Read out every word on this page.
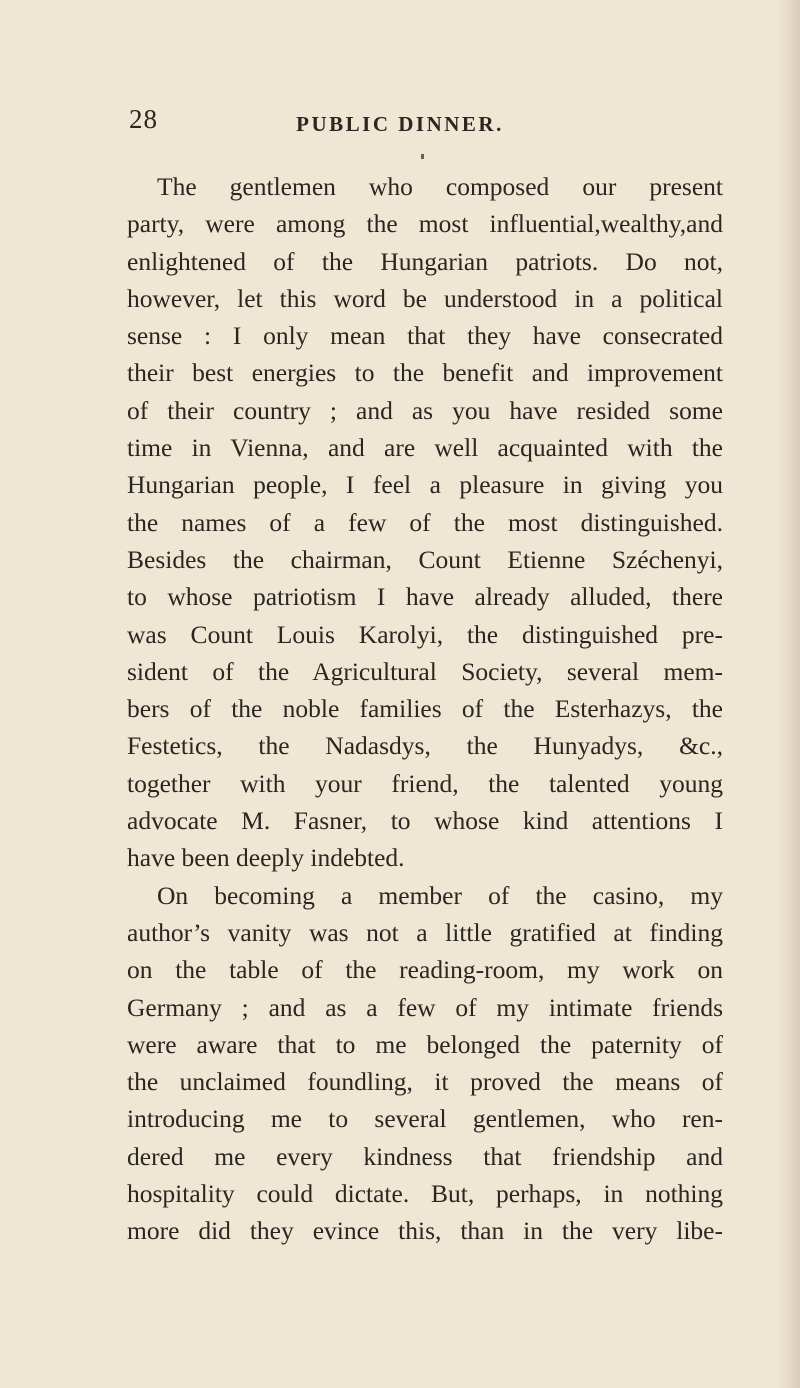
28	PUBLIC DINNER.

The gentlemen who composed our present
party, were among the most influential,wealthy,and
enlightened of the Hungarian patriots. Do not,
however, let this word be understood in a political
sense : I only mean that they have consecrated
their best energies to the benefit and improvement
of their country ; and as you have resided some
time in Vienna, and are well acquainted with the
Hungarian people, I feel a pleasure in giving you
the names of a few of the most distinguished.
Besides the chairman, Count Etienne Széchenyi,
to whose patriotism I have already alluded, there
was Count Louis Karolyi, the distinguished pre-
sident of the Agricultural Society, several mem-
bers of the noble families of the Esterhazys, the
Festetics, the Nadasdys, the Hunyadys, &c.,
together with your friend, the talented young
advocate M. Fasner, to whose kind attentions I
have been deeply indebted.
On becoming a member of the casino, my
author’s vanity was not a little gratified at finding
on the table of the reading-room, my work on
Germany ; and as a few of my intimate friends
were aware that to me belonged the paternity of
the unclaimed foundling, it proved the means of
introducing me to several gentlemen, who ren-
dered me every kindness that friendship and
hospitality could dictate. But, perhaps, in nothing
more did they evince this, than in the very libe-
